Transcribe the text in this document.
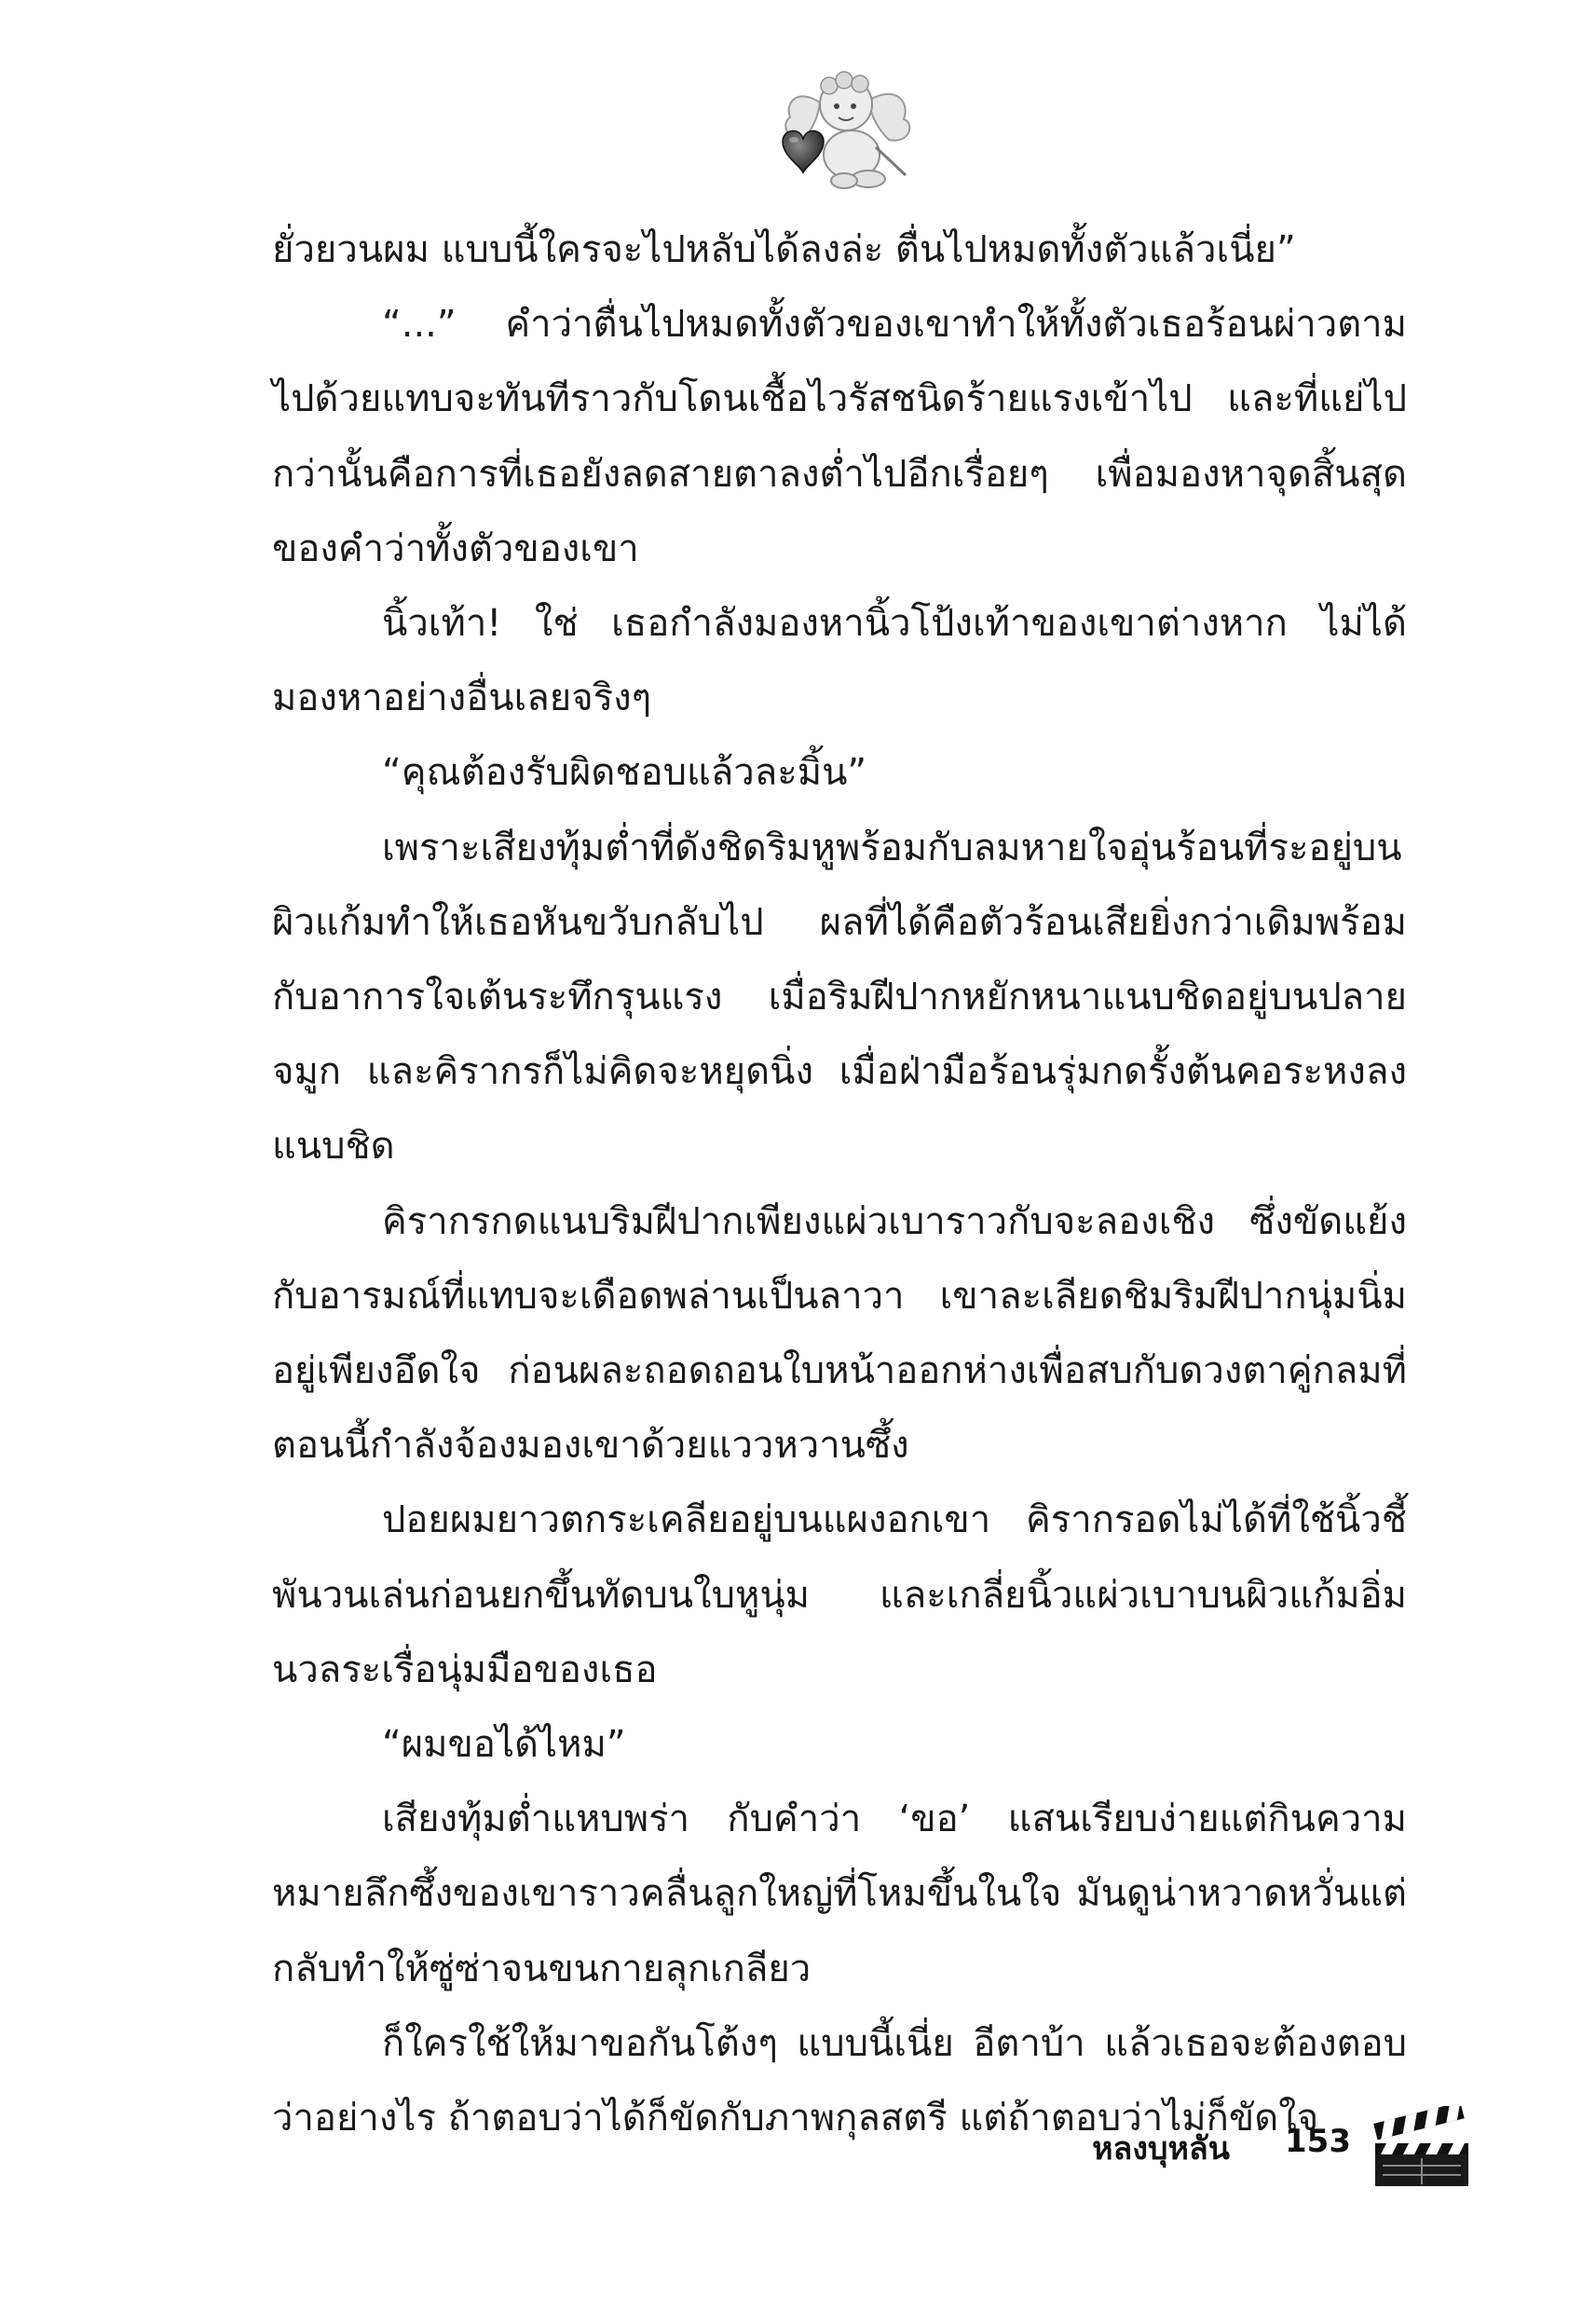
ยั่วยวนผม แบบนี้ใครจะไปหลับได้ลงล่ะ ตื่นไปหมดทั้งตัวแล้วเนี่ย”

“...” คำว่าตื่นไปหมดทั้งตัวของเขาทำให้ทั้งตัวเธอร้อนผ่าวตามไปด้วยแทบจะทันทีราวกับโดนเชื้อไวรัสชนิดร้ายแรงเข้าไป และที่แย่ไปกว่านั้นคือการที่เธอยังลดสายตาลงต่ำไปอีกเรื่อยๆ เพื่อมองหาจุดสิ้นสุดของคำว่าทั้งตัวของเขา

นิ้วเท้า! ใช่ เธอกำลังมองหานิ้วโป้งเท้าของเขาต่างหาก ไม่ได้มองหาอย่างอื่นเลยจริงๆ

“คุณต้องรับผิดชอบแล้วละมิ้น”

เพราะเสียงทุ้มต่ำที่ดังชิดริมหูพร้อมกับลมหายใจอุ่นร้อนที่ระอยู่บนผิวแก้มทำให้เธอหันขวับกลับไป ผลที่ได้คือตัวร้อนเสียยิ่งกว่าเดิมพร้อมกับอาการใจเต้นระทึกรุนแรง เมื่อริมฝีปากหยักหนาแนบชิดอยู่บนปลายจมูก และคิรากรก็ไม่คิดจะหยุดนิ่ง เมื่อฝ่ามือร้อนรุ่มกดรั้งต้นคอระหงลงแนบชิด

คิรากรกดแนบริมฝีปากเพียงแผ่วเบาราวกับจะลองเชิง ซึ่งขัดแย้งกับอารมณ์ที่แทบจะเดือดพล่านเป็นลาวา เขาละเลียดชิมริมฝีปากนุ่มนิ่มอยู่เพียงอึดใจ ก่อนผละถอดถอนใบหน้าออกห่างเพื่อสบกับดวงตาคู่กลมที่ตอนนี้กำลังจ้องมองเขาด้วยแววหวานซึ้ง

ปอยผมยาวตกระเคลียอยู่บนแผงอกเขา คิรากรอดไม่ได้ที่ใช้นิ้วชี้พันวนเล่นก่อนยกขึ้นทัดบนใบหูนุ่ม และเกลี่ยนิ้วแผ่วเบาบนผิวแก้มอิ่มนวลระเรื่อนุ่มมือของเธอ

“ผมขอได้ไหม”

เสียงทุ้มต่ำแหบพร่า กับคำว่า ‘ขอ’ แสนเรียบง่ายแต่กินความหมายลึกซึ้งของเขาราวคลื่นลูกใหญ่ที่โหมขึ้นในใจ มันดูน่าหวาดหวั่นแต่กลับทำให้ซู่ซ่าจนขนกายลุกเกลียว

ก็ใครใช้ให้มาขอกันโต้งๆ แบบนี้เนี่ย อีตาบ้า แล้วเธอจะต้องตอบว่าอย่างไร ถ้าตอบว่าได้ก็ขัดกับภาพกุลสตรี แต่ถ้าตอบว่าไม่ก็ขัดใจ

หลงบุหลัน 153
